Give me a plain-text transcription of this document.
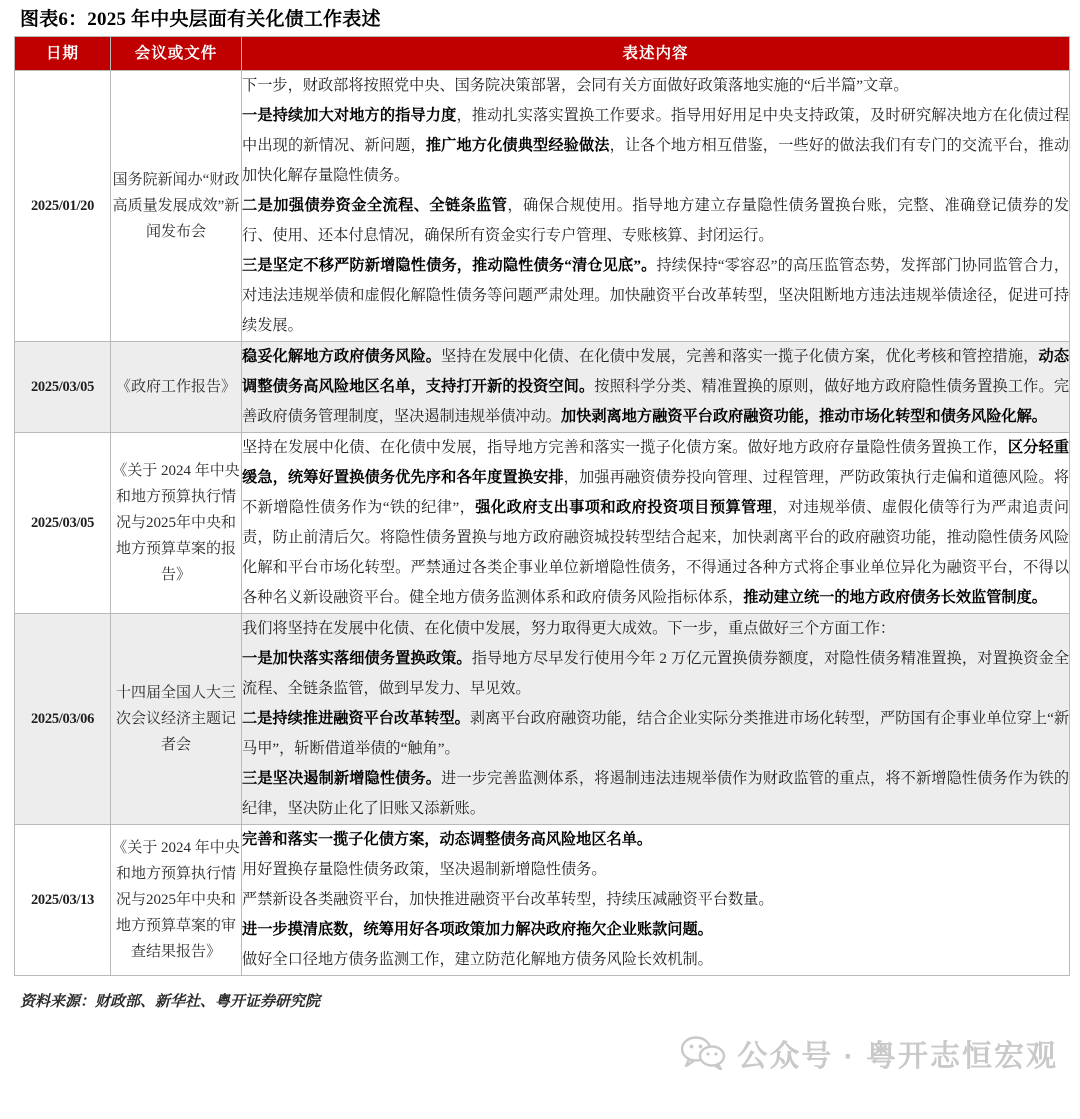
图表6：2025 年中央层面有关化债工作表述
日期	会议或文件	表述内容
2025/01/20	国务院新闻办“财政高质量发展成效”新闻发布会	下一步，财政部将按照党中央、国务院决策部署，会同有关方面做好政策落地实施的“后半篇”文章。

一是持续加大对地方的指导力度，推动扎实落实置换工作要求。指导用好用足中央支持政策，及时研究解决地方在化债过程中出现的新情况、新问题，推广地方化债典型经验做法，让各个地方相互借鉴，一些好的做法我们有专门的交流平台，推动加快化解存量隐性债务。

二是加强债券资金全流程、全链条监管，确保合规使用。指导地方建立存量隐性债务置换台账，完整、准确登记债券的发行、使用、还本付息情况，确保所有资金实行专户管理、专账核算、封闭运行。

三是坚定不移严防新增隐性债务，推动隐性债务“清仓见底”。持续保持“零容忍”的高压监管态势，发挥部门协同监管合力，对违法违规举债和虚假化解隐性债务等问题严肃处理。加快融资平台改革转型，坚决阻断地方违法违规举债途径，促进可持续发展。

2025/03/05	《政府工作报告》	稳妥化解地方政府债务风险。坚持在发展中化债、在化债中发展，完善和落实一揽子化债方案，优化考核和管控措施，动态调整债务高风险地区名单，支持打开新的投资空间。按照科学分类、精准置换的原则，做好地方政府隐性债务置换工作。完善政府债务管理制度，坚决遏制违规举债冲动。加快剥离地方融资平台政府融资功能，推动市场化转型和债务风险化解。

2025/03/05	《关于 2024 年中央和地方预算执行情况与2025年中央和地方预算草案的报告》	坚持在发展中化债、在化债中发展，指导地方完善和落实一揽子化债方案。做好地方政府存量隐性债务置换工作，区分轻重缓急，统筹好置换债务优先序和各年度置换安排，加强再融资债券投向管理、过程管理，严防政策执行走偏和道德风险。将不新增隐性债务作为“铁的纪律”，强化政府支出事项和政府投资项目预算管理，对违规举债、虚假化债等行为严肃追责问责，防止前清后欠。将隐性债务置换与地方政府融资城投转型结合起来，加快剥离平台的政府融资功能，推动隐性债务风险化解和平台市场化转型。严禁通过各类企事业单位新增隐性债务，不得通过各种方式将企事业单位异化为融资平台，不得以各种名义新设融资平台。健全地方债务监测体系和政府债务风险指标体系，推动建立统一的地方政府债务长效监管制度。

2025/03/06	十四届全国人大三次会议经济主题记者会	我们将坚持在发展中化债、在化债中发展，努力取得更大成效。下一步，重点做好三个方面工作：

一是加快落实落细债务置换政策。指导地方尽早发行使用今年 2 万亿元置换债券额度，对隐性债务精准置换，对置换资金全流程、全链条监管，做到早发力、早见效。

二是持续推进融资平台改革转型。剥离平台政府融资功能，结合企业实际分类推进市场化转型，严防国有企事业单位穿上“新马甲”，斩断借道举债的“触角”。

三是坚决遏制新增隐性债务。进一步完善监测体系，将遏制违法违规举债作为财政监管的重点，将不新增隐性债务作为铁的纪律，坚决防止化了旧账又添新账。

2025/03/13	《关于 2024 年中央和地方预算执行情况与2025年中央和地方预算草案的审查结果报告》	完善和落实一揽子化债方案，动态调整债务高风险地区名单。

用好置换存量隐性债务政策，坚决遏制新增隐性债务。

严禁新设各类融资平台，加快推进融资平台改革转型，持续压减融资平台数量。

进一步摸清底数，统筹用好各项政策加力解决政府拖欠企业账款问题。

做好全口径地方债务监测工作，建立防范化解地方债务风险长效机制。

资料来源：财政部、新华社、粤开证券研究院
公众号 · 粤开志恒宏观
